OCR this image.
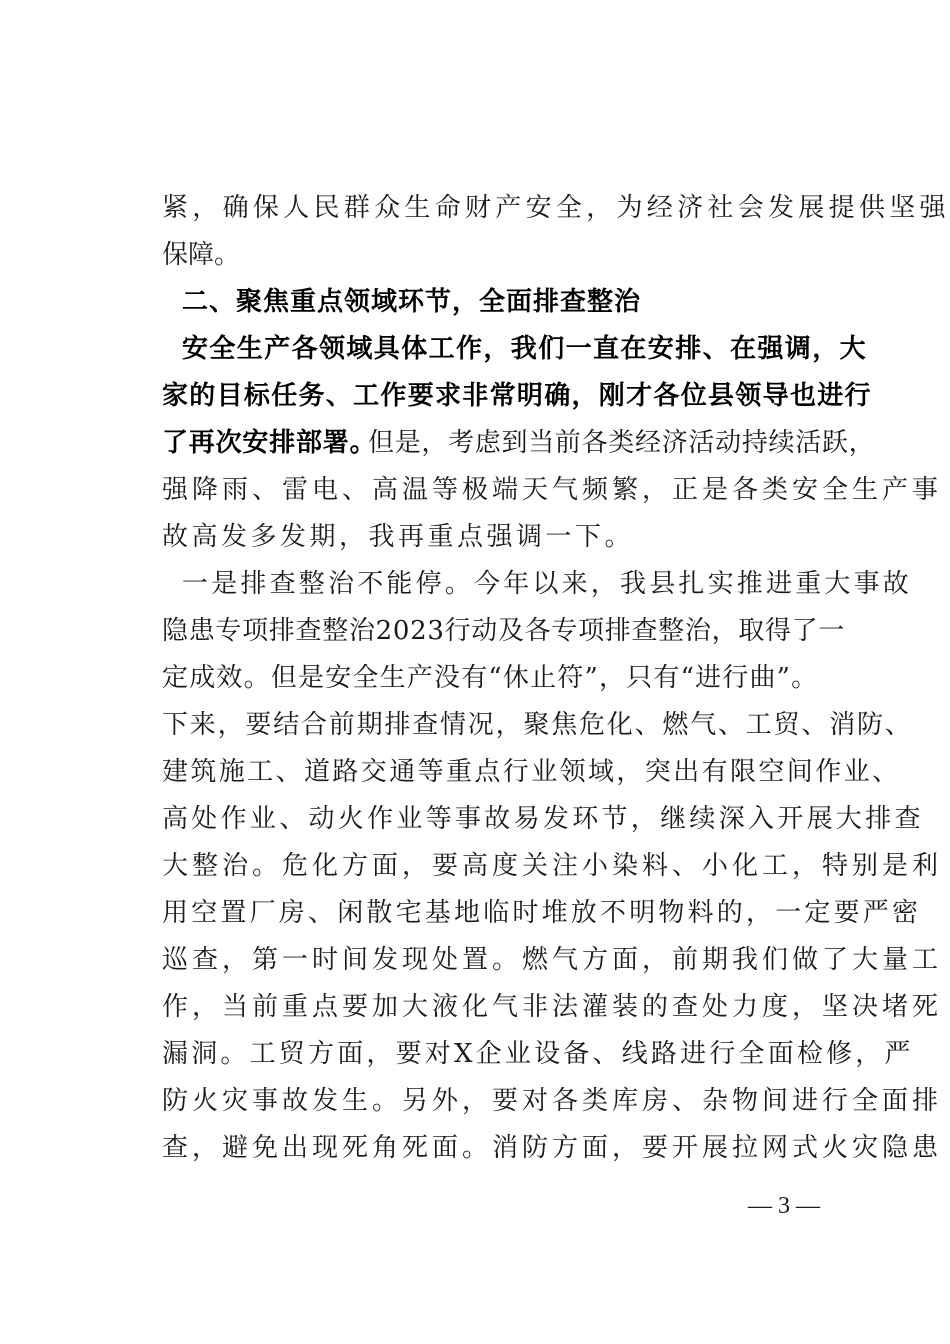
紧，确保人民群众生命财产安全，为经济社会发展提供坚强
保障。
二、聚焦重点领域环节，全面排查整治
安全生产各领域具体工作，我们一直在安排、在强调，大
家的目标任务、工作要求非常明确，刚才各位县领导也进行
了再次安排部署。
但是，考虑到当前各类经济活动持续活跃，
强降雨、雷电、高温等极端天气频繁，正是各类安全生产事
故高发多发期，我再重点强调一下。
一是排查整治不能停。今年以来，我县扎实推进重大事故
隐患专项排查整治2023行动及各专项排查整治，取得了一
定成效。但是安全生产没有“休止符”，只有“进行曲”。
下来，要结合前期排查情况，聚焦危化、燃气、工贸、消防、
建筑施工、道路交通等重点行业领域，突出有限空间作业、
高处作业、动火作业等事故易发环节，继续深入开展大排查
大整治。危化方面，要高度关注小染料、小化工，特别是利
用空置厂房、闲散宅基地临时堆放不明物料的，一定要严密
巡查，第一时间发现处置。燃气方面，前期我们做了大量工
作，当前重点要加大液化气非法灌装的查处力度，坚决堵死
漏洞。工贸方面，要对X企业设备、线路进行全面检修，严
防火灾事故发生。另外，要对各类库房、杂物间进行全面排
查，避免出现死角死面。消防方面，要开展拉网式火灾隐患
— 3 —
